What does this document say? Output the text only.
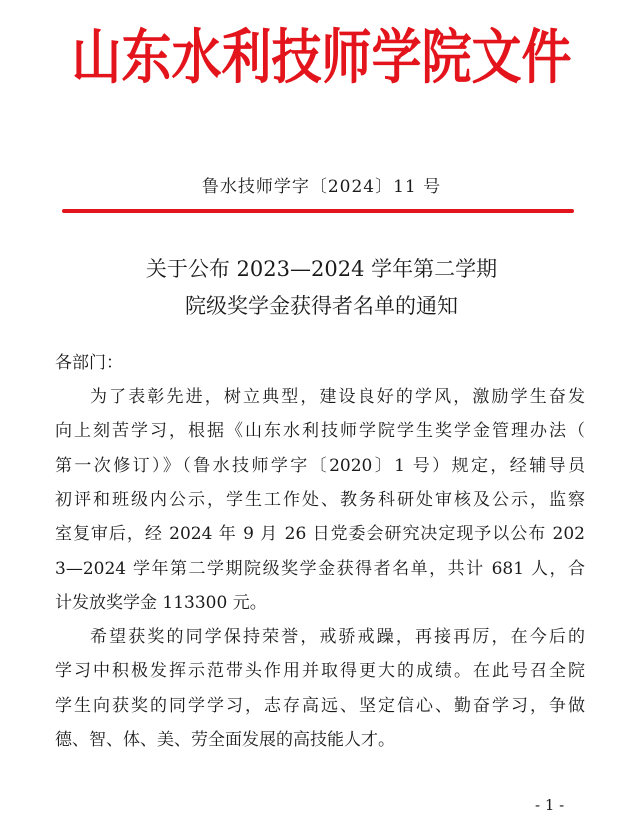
山东水利技师学院文件
鲁水技师学字〔2024〕11 号
关于公布 2023—2024 学年第二学期
院级奖学金获得者名单的通知
各部门：
为了表彰先进，树立典型，建设良好的学风，激励学生奋发
向上刻苦学习，根据《山东水利技师学院学生奖学金管理办法（
第一次修订）》（鲁水技师学字〔2020〕1 号）规定，经辅导员
初评和班级内公示，学生工作处、教务科研处审核及公示，监察
室复审后，经 2024 年 9 月 26 日党委会研究决定现予以公布 202
3—2024 学年第二学期院级奖学金获得者名单，共计 681 人，合
计发放奖学金 113300 元。
希望获奖的同学保持荣誉，戒骄戒躁，再接再厉，在今后的
学习中积极发挥示范带头作用并取得更大的成绩。在此号召全院
学生向获奖的同学学习，志存高远、坚定信心、勤奋学习，争做
德、智、体、美、劳全面发展的高技能人才。
- 1 -
